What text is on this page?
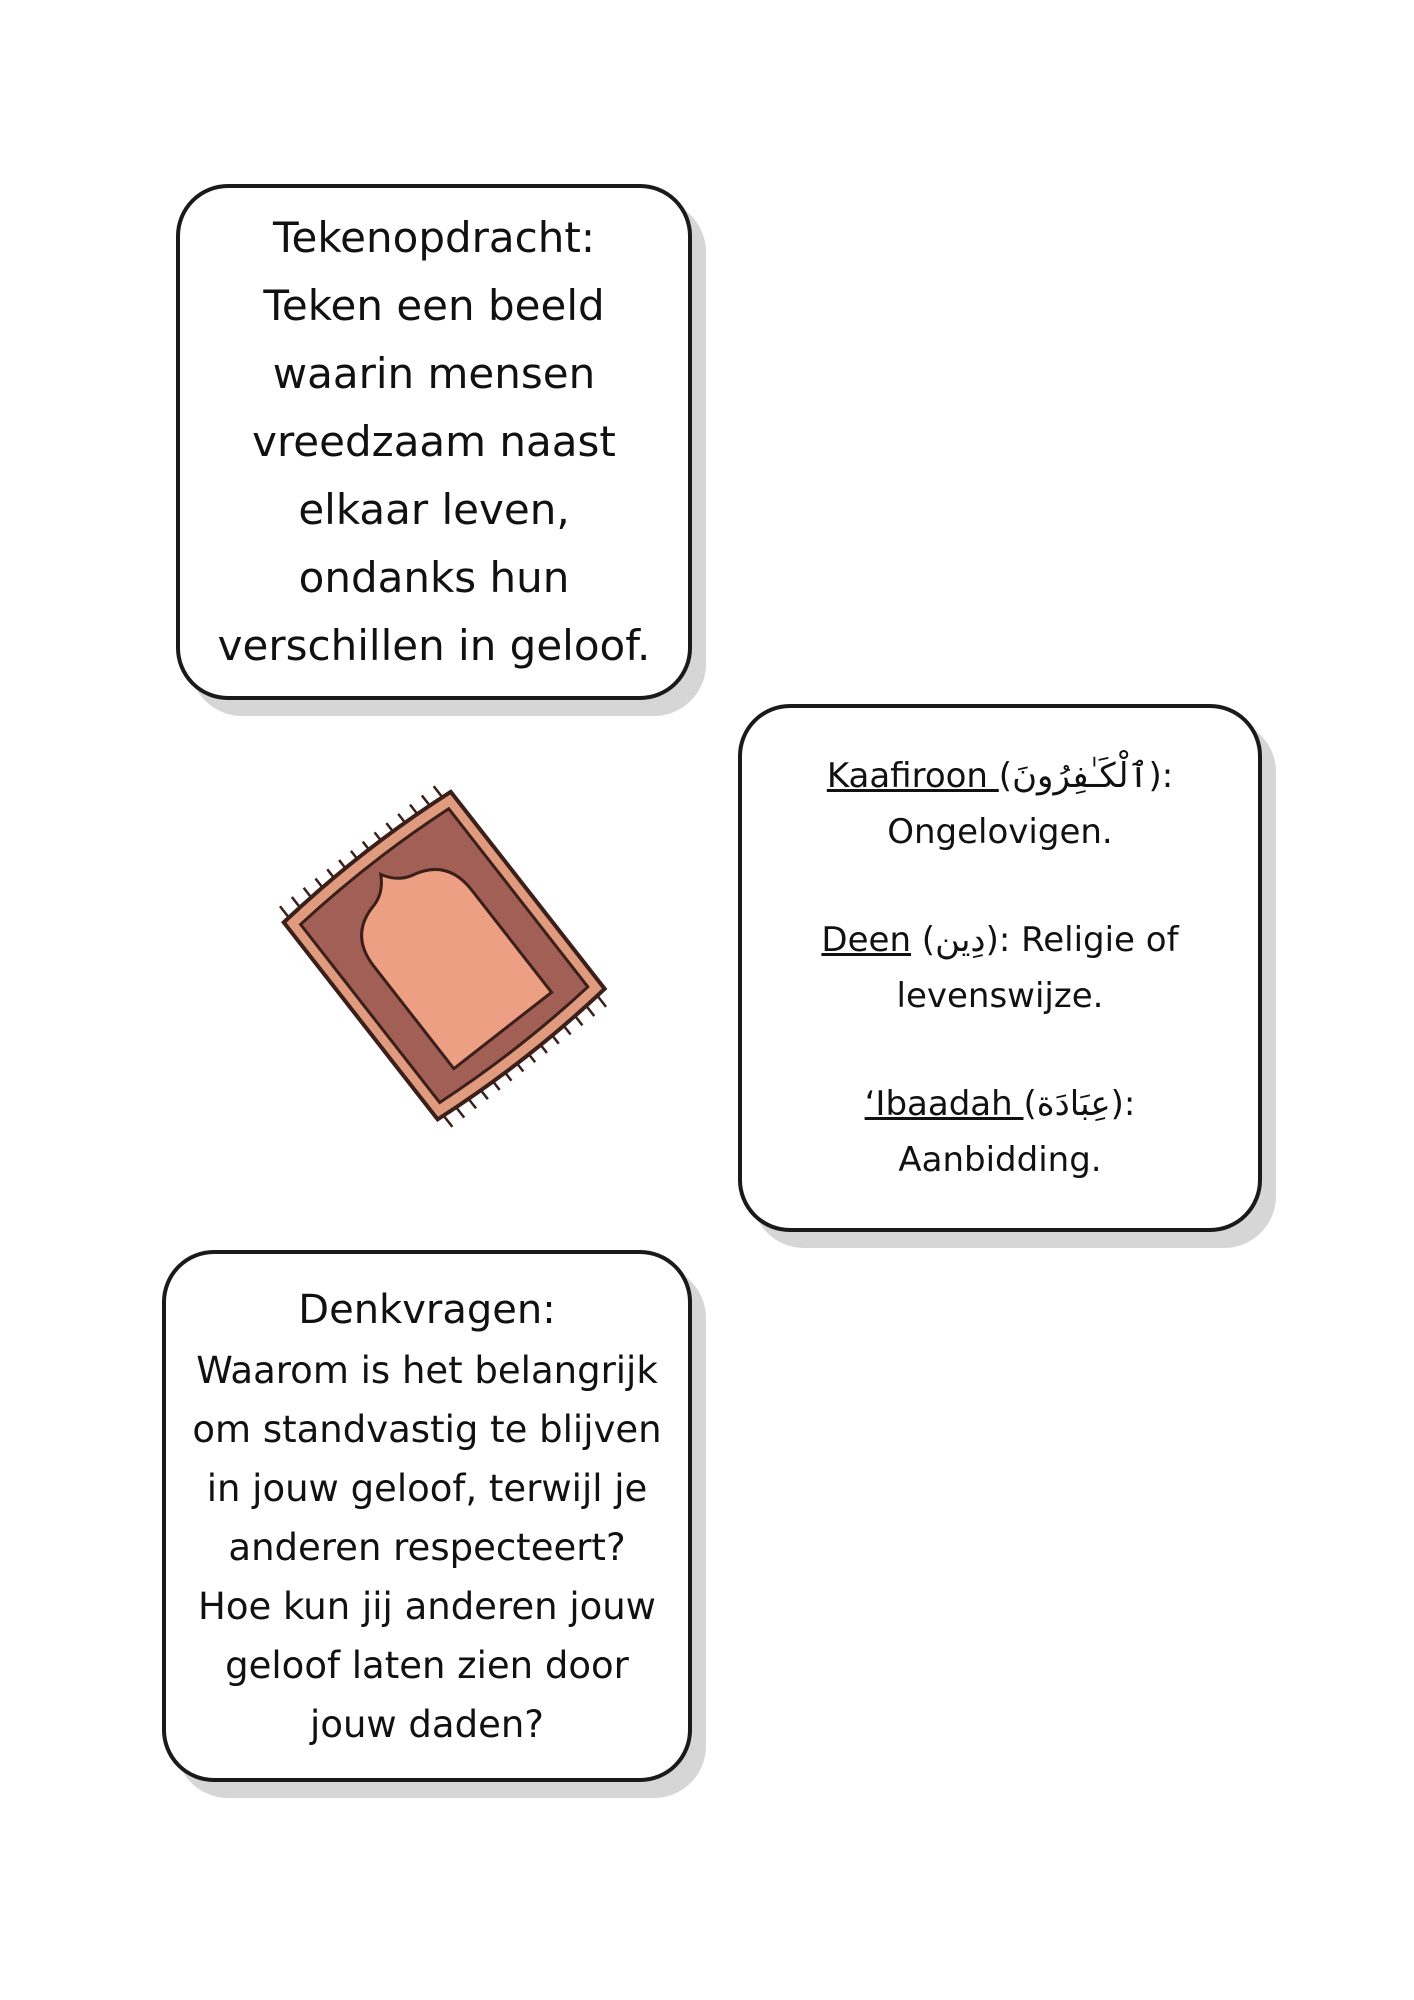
Tekenopdracht:
Teken een beeld waarin mensen vreedzaam naast elkaar leven, ondanks hun verschillen in geloof.
Kaafiroon (ٱلْكَـٰفِرُونَ):
Ongelovigen.
Deen (دِين): Religie of levenswijze.
‘Ibaadah (عِبَادَة):
Aanbidding.
Denkvragen:
Waarom is het belangrijk om standvastig te blijven in jouw geloof, terwijl je anderen respecteert? Hoe kun jij anderen jouw geloof laten zien door jouw daden?
